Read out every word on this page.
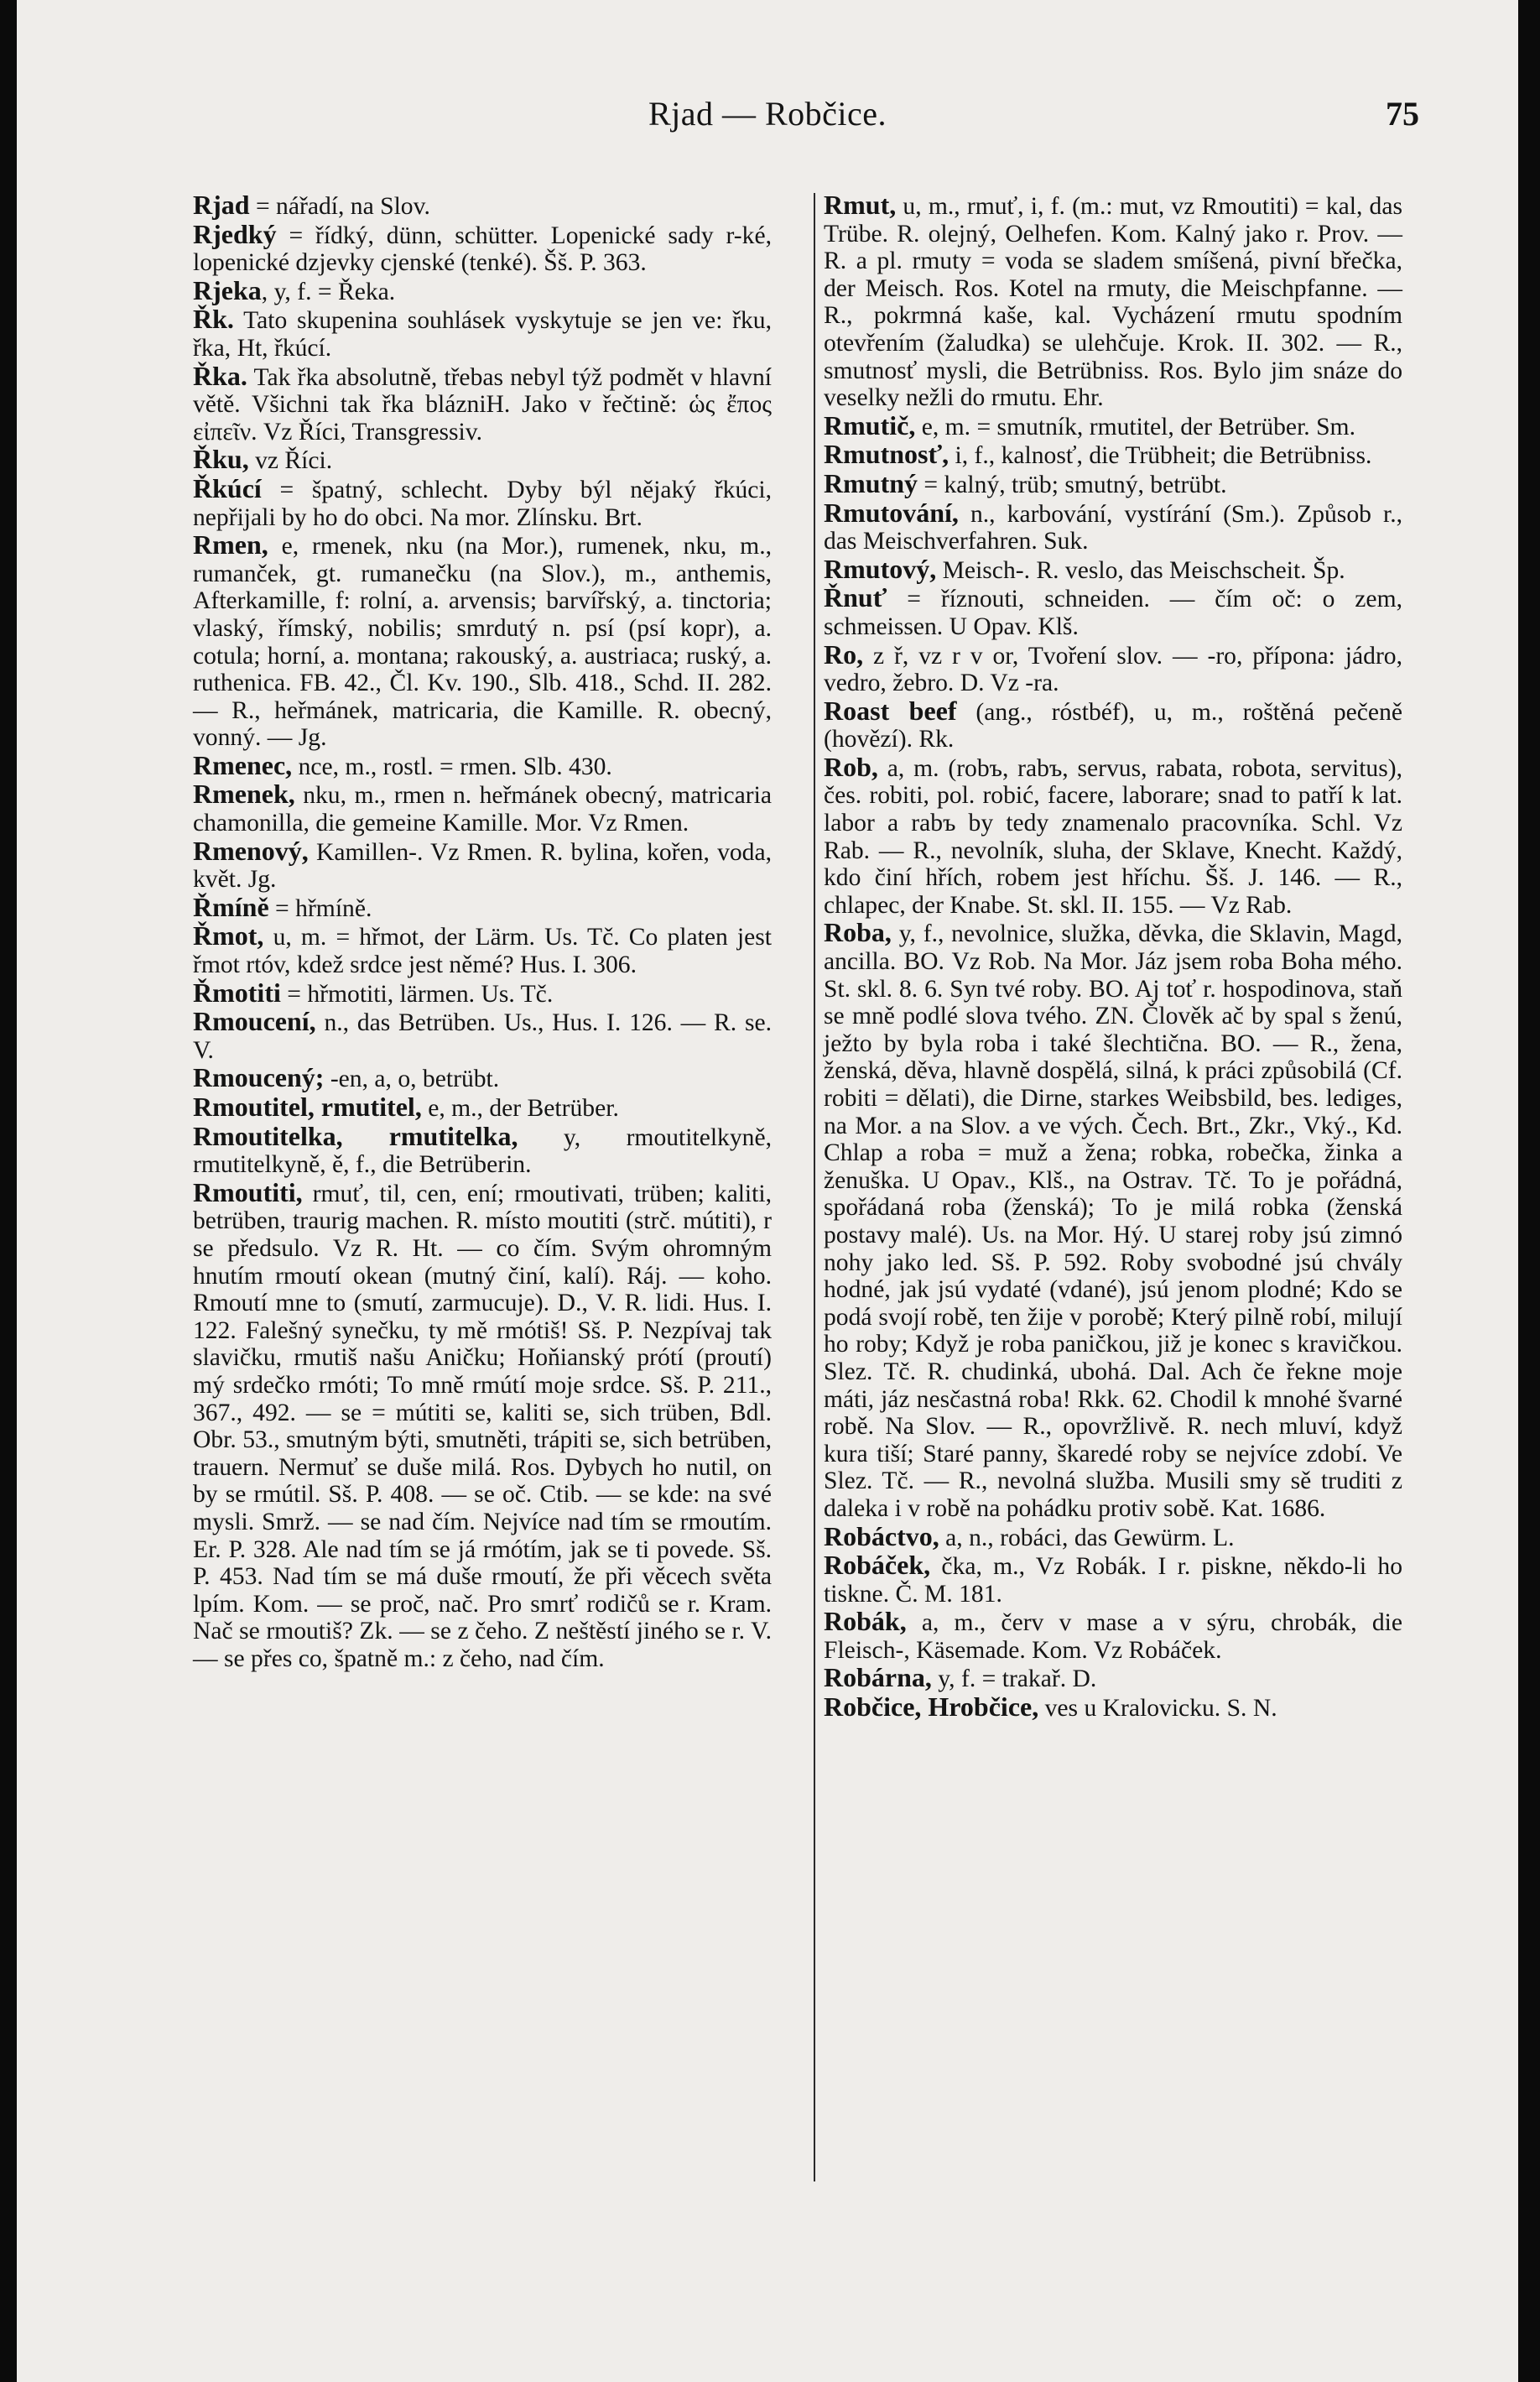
Rjad — Robčice.	75

Rjad = nářadí, na Slov.

Rjedký = řídký, dünn, schütter. Lopenické sady r-ké, lopenické dzjevky cjenské (tenké). Šš. P. 363.

Rjeka, y, f. = Řeka.

Řk. Tato skupenina souhlásek vyskytuje se jen ve: řku, řka, Ht, řkúcí.

Řka. Tak řka absolutně, třebas nebyl týž podmět v hlavní větě. Všichni tak řka blázniH. Jako v řečtině: ὡς ἔπος εἰπεῖν. Vz Říci, Transgressiv.

Řku, vz Říci.

Řkúcí = špatný, schlecht. Dyby býl nějaký řkúci, nepřijali by ho do obci. Na mor. Zlínsku. Brt.

Rmen, e, rmenek, nku (na Mor.), rumenek, nku, m., rumanček, gt. rumanečku (na Slov.), m., anthemis, Afterkamille, f: rolní, a. arvensis; barvířský, a. tinctoria; vlaský, římský, nobilis; smrdutý n. psí (psí kopr), a. cotula; horní, a. montana; rakouský, a. austriaca; ruský, a. ruthenica. FB. 42., Čl. Kv. 190., Slb. 418., Schd. II. 282. — R., heřmánek, matricaria, die Kamille. R. obecný, vonný. — Jg.

Rmenec, nce, m., rostl. = rmen. Slb. 430.

Rmenek, nku, m., rmen n. heřmánek obecný, matricaria chamonilla, die gemeine Kamille. Mor. Vz Rmen.

Rmenový, Kamillen-. Vz Rmen. R. bylina, kořen, voda, květ. Jg.

Řmíně = hřmíně.

Řmot, u, m. = hřmot, der Lärm. Us. Tč. Co platen jest řmot rtóv, kdež srdce jest němé? Hus. I. 306.

Řmotiti = hřmotiti, lärmen. Us. Tč.

Rmoucení, n., das Betrüben. Us., Hus. I. 126. — R. se. V.

Rmoucený; -en, a, o, betrübt.

Rmoutitel, rmutitel, e, m., der Betrüber.

Rmoutitelka, rmutitelka, y, rmoutitelkyně, rmutitelkyně, ě, f., die Betrüberin.

Rmoutiti, rmuť, til, cen, ení; rmoutivati, trüben; kaliti, betrüben, traurig machen. R. místo moutiti (strč. mútiti), r se předsulo. Vz R. Ht. — co čím. Svým ohromným hnutím rmoutí okean (mutný činí, kalí). Ráj. — koho. Rmoutí mne to (smutí, zarmucuje). D., V. R. lidi. Hus. I. 122. Falešný synečku, ty mě rmótiš! Sš. P. Nezpívaj tak slavičku, rmutiš našu Aničku; Hoňianský prótí (proutí) mý srdečko rmóti; To mně rmútí moje srdce. Sš. P. 211., 367., 492. — se = mútiti se, kaliti se, sich trüben, Bdl. Obr. 53., smutným býti, smutněti, trápiti se, sich betrüben, trauern. Nermuť se duše milá. Ros. Dybych ho nutil, on by se rmútil. Sš. P. 408. — se oč. Ctib. — se kde: na své mysli. Smrž. — se nad čím. Nejvíce nad tím se rmoutím. Er. P. 328. Ale nad tím se já rmótím, jak se ti povede. Sš. P. 453. Nad tím se má duše rmoutí, že při věcech světa lpím. Kom. — se proč, nač. Pro smrť rodičů se r. Kram. Nač se rmoutiš? Zk. — se z čeho. Z neštěstí jiného se r. V. — se přes co, špatně m.: z čeho, nad čím.

Rmut, u, m., rmuť, i, f. (m.: mut, vz Rmoutiti) = kal, das Trübe. R. olejný, Oelhefen. Kom. Kalný jako r. Prov. — R. a pl. rmuty = voda se sladem smíšená, pivní břečka, der Meisch. Ros. Kotel na rmuty, die Meischpfanne. — R., pokrmná kaše, kal. Vycházení rmutu spodním otevřením (žaludka) se ulehčuje. Krok. II. 302. — R., smutnosť mysli, die Betrübniss. Ros. Bylo jim snáze do veselky nežli do rmutu. Ehr.

Rmutič, e, m. = smutník, rmutitel, der Betrüber. Sm.

Rmutnosť, i, f., kalnosť, die Trübheit; die Betrübniss.

Rmutný = kalný, trüb; smutný, betrübt.

Rmutování, n., karbování, vystírání (Sm.). Způsob r., das Meischverfahren. Suk.

Rmutový, Meisch-. R. veslo, das Meischscheit. Šp.

Řnuť = říznouti, schneiden. — čím oč: o zem, schmeissen. U Opav. Klš.

Ro, z ř, vz r v or, Tvoření slov. — -ro, přípona: jádro, vedro, žebro. D. Vz -ra.

Roast beef (ang., róstbéf), u, m., roštěná pečeně (hovězí). Rk.

Rob, a, m. (robъ, rabъ, servus, rabata, robota, servitus), čes. robiti, pol. robić, facere, laborare; snad to patří k lat. labor a rabъ by tedy znamenalo pracovníka. Schl. Vz Rab. — R., nevolník, sluha, der Sklave, Knecht. Každý, kdo činí hřích, robem jest hříchu. Šš. J. 146. — R., chlapec, der Knabe. St. skl. II. 155. — Vz Rab.

Roba, y, f., nevolnice, služka, děvka, die Sklavin, Magd, ancilla. BO. Vz Rob. Na Mor. Jáz jsem roba Boha mého. St. skl. 8. 6. Syn tvé roby. BO. Aj toť r. hospodinova, staň se mně podlé slova tvého. ZN. Člověk ač by spal s ženú, ježto by byla roba i také šlechtična. BO. — R., žena, ženská, děva, hlavně dospělá, silná, k práci způsobilá (Cf. robiti = dělati), die Dirne, starkes Weibsbild, bes. lediges, na Mor. a na Slov. a ve vých. Čech. Brt., Zkr., Vký., Kd. Chlap a roba = muž a žena; robka, robečka, žinka a ženuška. U Opav., Klš., na Ostrav. Tč. To je pořádná, spořádaná roba (ženská); To je milá robka (ženská postavy malé). Us. na Mor. Hý. U starej roby jsú zimnó nohy jako led. Sš. P. 592. Roby svobodné jsú chvály hodné, jak jsú vydaté (vdané), jsú jenom plodné; Kdo se podá svojí robě, ten žije v porobě; Který pilně robí, milují ho roby; Když je roba paničkou, již je konec s kravičkou. Slez. Tč. R. chudinká, ubohá. Dal. Ach če řekne moje máti, jáz nesčastná roba! Rkk. 62. Chodil k mnohé švarné robě. Na Slov. — R., opovržlivě. R. nech mluví, když kura tiší; Staré panny, škaredé roby se nejvíce zdobí. Ve Slez. Tč. — R., nevolná služba. Musili smy sě truditi z daleka i v robě na pohádku protiv sobě. Kat. 1686.

Robáctvo, a, n., robáci, das Gewürm. L.

Robáček, čka, m., Vz Robák. I r. piskne, někdo-li ho tiskne. Č. M. 181.

Robák, a, m., červ v mase a v sýru, chrobák, die Fleisch-, Käsemade. Kom. Vz Robáček.

Robárna, y, f. = trakař. D.

Robčice, Hrobčice, ves u Kralovicku. S. N.
